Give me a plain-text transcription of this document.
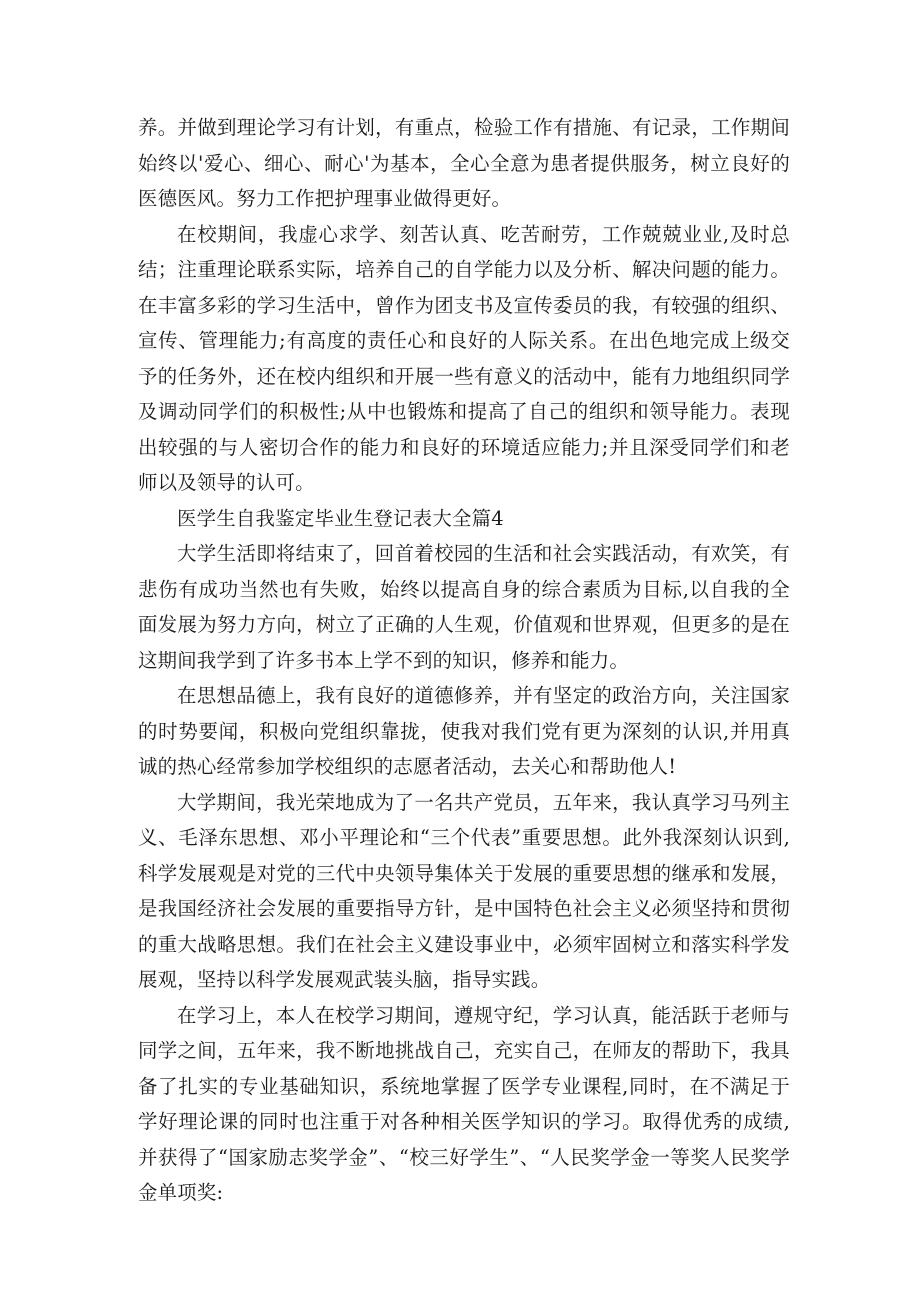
养。并做到理论学习有计划，有重点，检验工作有措施、有记录，工作期间始终以'爱心、细心、耐心'为基本，全心全意为患者提供服务，树立良好的医德医风。努力工作把护理事业做得更好。

在校期间，我虚心求学、刻苦认真、吃苦耐劳，工作兢兢业业,及时总结；注重理论联系实际，培养自己的自学能力以及分析、解决问题的能力。在丰富多彩的学习生活中，曾作为团支书及宣传委员的我，有较强的组织、宣传、管理能力;有高度的责任心和良好的人际关系。在出色地完成上级交予的任务外，还在校内组织和开展一些有意义的活动中，能有力地组织同学及调动同学们的积极性;从中也锻炼和提高了自己的组织和领导能力。表现出较强的与人密切合作的能力和良好的环境适应能力;并且深受同学们和老师以及领导的认可。

医学生自我鉴定毕业生登记表大全篇4

大学生活即将结束了，回首着校园的生活和社会实践活动，有欢笑，有悲伤有成功当然也有失败，始终以提高自身的综合素质为目标,以自我的全面发展为努力方向，树立了正确的人生观，价值观和世界观，但更多的是在这期间我学到了许多书本上学不到的知识，修养和能力。

在思想品德上，我有良好的道德修养，并有坚定的政治方向，关注国家的时势要闻，积极向党组织靠拢，使我对我们党有更为深刻的认识,并用真诚的热心经常参加学校组织的志愿者活动，去关心和帮助他人!

大学期间，我光荣地成为了一名共产党员，五年来，我认真学习马列主义、毛泽东思想、邓小平理论和“三个代表”重要思想。此外我深刻认识到,科学发展观是对党的三代中央领导集体关于发展的重要思想的继承和发展，是我国经济社会发展的重要指导方针，是中国特色社会主义必须坚持和贯彻的重大战略思想。我们在社会主义建设事业中，必须牢固树立和落实科学发展观，坚持以科学发展观武装头脑，指导实践。

在学习上，本人在校学习期间，遵规守纪，学习认真，能活跃于老师与同学之间，五年来，我不断地挑战自己，充实自己，在师友的帮助下，我具备了扎实的专业基础知识，系统地掌握了医学专业课程,同时，在不满足于学好理论课的同时也注重于对各种相关医学知识的学习。取得优秀的成绩,并获得了“国家励志奖学金”、“校三好学生”、“人民奖学金一等奖人民奖学金单项奖:
